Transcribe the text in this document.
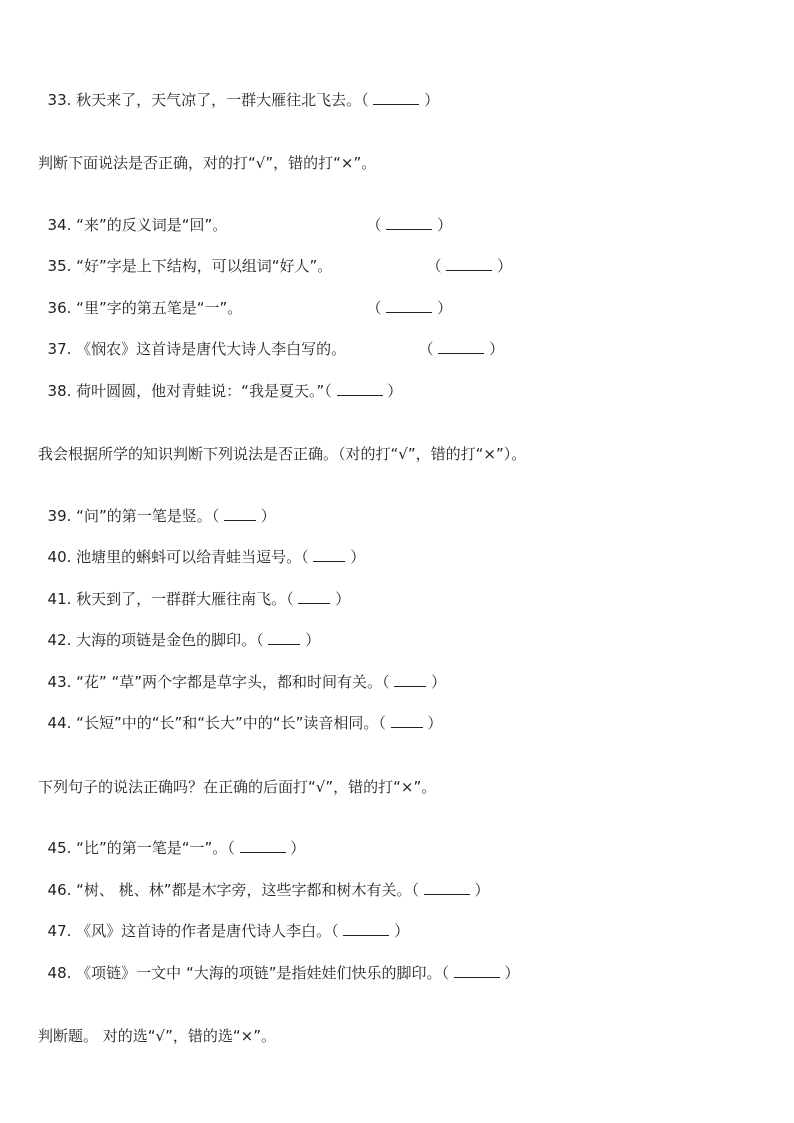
33. 秋天来了，天气凉了，一群大雁往北飞去。（	）

判断下面说法是否正确，对的打“√”，错的打“×”。

34. “来”的反义词是“回”。	（	）

35. “好”字是上下结构，可以组词“好人”。	（	）

36. “里”字的第五笔是“一”。	（	）

37. 《悯农》这首诗是唐代大诗人李白写的。	（	）

38. 荷叶圆圆，他对青蛙说：“我是夏天。”（	）

我会根据所学的知识判断下列说法是否正确。（对的打“√”，错的打“×”）。

39. “问”的第一笔是竖。（  ）

40. 池塘里的蝌蚪可以给青蛙当逗号。（  ）

41. 秋天到了，一群群大雁往南飞。（  ）

42. 大海的项链是金色的脚印。（  ）

43. “花” “草”两个字都是草字头，都和时间有关。（  ）

44. “长短”中的“长”和“长大”中的“长”读音相同。（  ）

下列句子的说法正确吗？在正确的后面打“√”，错的打“×”。

45. “比”的第一笔是“一”。（	）

46. “树、 桃、林”都是木字旁，这些字都和树木有关。（	）

47. 《风》这首诗的作者是唐代诗人李白。（	）

48. 《项链》一文中 “大海的项链”是指娃娃们快乐的脚印。（	）

判断题。 对的选“√”，错的选“×”。
